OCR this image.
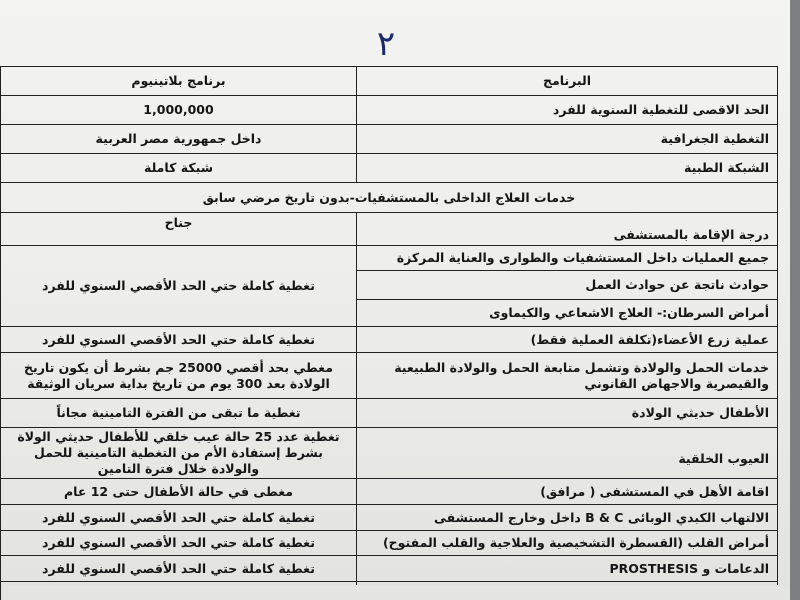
٢
البرنامج	برنامج بلاتينيوم
الحد الاقصى للتغطية السنوية للفرد	1,000,000
التغطية الجغرافية	داخل جمهورية مصر العربية
الشبكة الطبية	شبكة كاملة
خدمات العلاج الداخلى بالمستشفيات-بدون تاريخ مرضي سابق	

درجة الإقامة بالمستشفى	جناح
جميع العمليات داخل المستشفيات والطوارى والعناية المركزة	تغطية كاملة حتي الحد الأقصي السنوي للفرد
حوادث ناتجة عن حوادث العمل	
أمراض السرطان:- العلاج الاشعاعي والكيماوى	
عملية زرع الأعضاء(تكلفة العملية فقط)	تغطية كاملة حتي الحد الأقصي السنوي للفرد
خدمات الحمل والولادة وتشمل متابعة الحمل والولادة الطبيعية والقيصرية والاجهاض القانوني	مغطي بحد أقصي 25000 جم بشرط أن يكون تاريخ الولادة بعد 300 يوم من تاريخ بداية سريان الوثيقة
الأطفال حديثي الولادة	تغطية ما تبقى من الفترة التامينية مجاناً

العيوب الخلقية	تغطية عدد 25 حالة عيب خلقي للأطفال حديثي الولاة بشرط إستفادة الأم من التغطية التامينية للحمل والولادة خلال فترة التامين
اقامة الأهل في المستشفى ( مرافق)	مغطى في حالة الأطفال حتى 12 عام
الالتهاب الكبدي الوبائى B & C داخل وخارج المستشفى	تغطية كاملة حتي الحد الأقصي السنوي للفرد
أمراض القلب (القسطرة التشخيصية والعلاجية والقلب المفتوح)	تغطية كاملة حتي الحد الأقصي السنوي للفرد
الدعامات و PROSTHESIS	تغطية كاملة حتي الحد الأقصي السنوي للفرد
